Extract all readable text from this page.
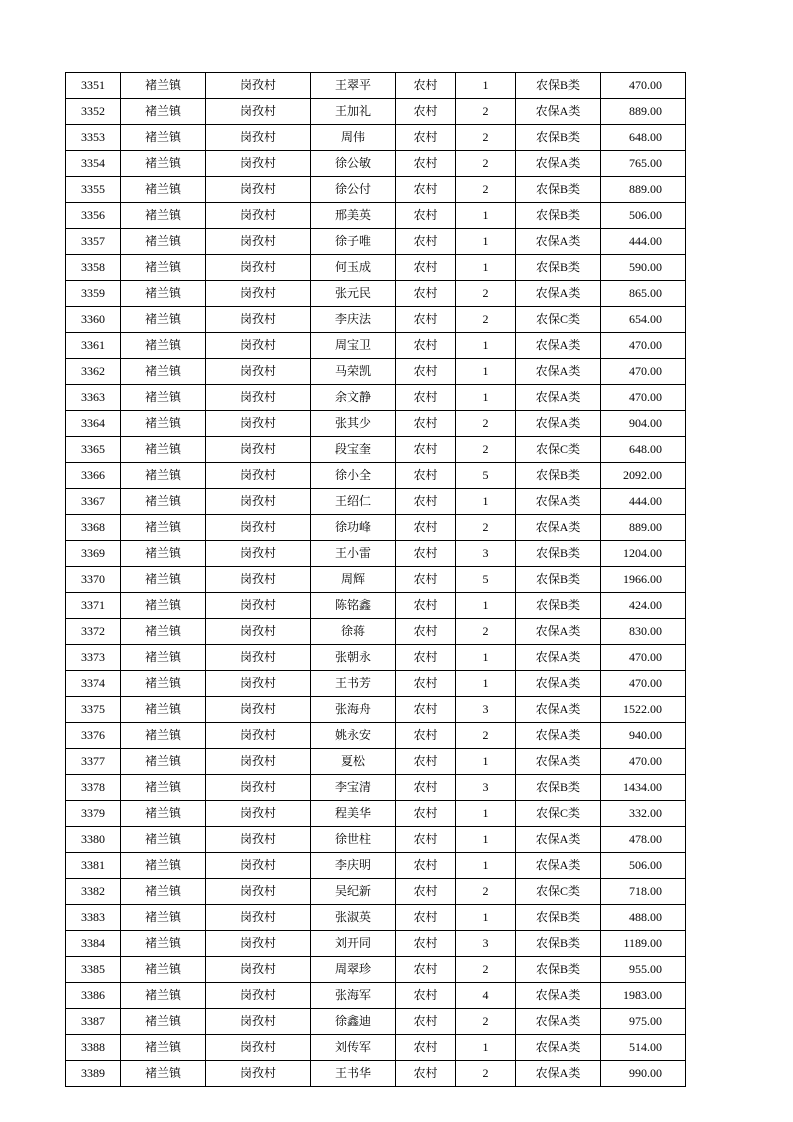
3351	褚兰镇	岗孜村	王翠平	农村	1	农保B类	470.00
3352	褚兰镇	岗孜村	王加礼	农村	2	农保A类	889.00
3353	褚兰镇	岗孜村	周伟	农村	2	农保B类	648.00
3354	褚兰镇	岗孜村	徐公敏	农村	2	农保A类	765.00
3355	褚兰镇	岗孜村	徐公付	农村	2	农保B类	889.00
3356	褚兰镇	岗孜村	邢美英	农村	1	农保B类	506.00
3357	褚兰镇	岗孜村	徐子唯	农村	1	农保A类	444.00
3358	褚兰镇	岗孜村	何玉成	农村	1	农保B类	590.00
3359	褚兰镇	岗孜村	张元民	农村	2	农保A类	865.00
3360	褚兰镇	岗孜村	李庆法	农村	2	农保C类	654.00
3361	褚兰镇	岗孜村	周宝卫	农村	1	农保A类	470.00
3362	褚兰镇	岗孜村	马荣凯	农村	1	农保A类	470.00
3363	褚兰镇	岗孜村	余文静	农村	1	农保A类	470.00
3364	褚兰镇	岗孜村	张其少	农村	2	农保A类	904.00
3365	褚兰镇	岗孜村	段宝奎	农村	2	农保C类	648.00
3366	褚兰镇	岗孜村	徐小全	农村	5	农保B类	2092.00
3367	褚兰镇	岗孜村	王绍仁	农村	1	农保A类	444.00
3368	褚兰镇	岗孜村	徐功峰	农村	2	农保A类	889.00
3369	褚兰镇	岗孜村	王小雷	农村	3	农保B类	1204.00
3370	褚兰镇	岗孜村	周辉	农村	5	农保B类	1966.00
3371	褚兰镇	岗孜村	陈铭鑫	农村	1	农保B类	424.00
3372	褚兰镇	岗孜村	徐蒋	农村	2	农保A类	830.00
3373	褚兰镇	岗孜村	张朝永	农村	1	农保A类	470.00
3374	褚兰镇	岗孜村	王书芳	农村	1	农保A类	470.00
3375	褚兰镇	岗孜村	张海舟	农村	3	农保A类	1522.00
3376	褚兰镇	岗孜村	姚永安	农村	2	农保A类	940.00
3377	褚兰镇	岗孜村	夏松	农村	1	农保A类	470.00
3378	褚兰镇	岗孜村	李宝清	农村	3	农保B类	1434.00
3379	褚兰镇	岗孜村	程美华	农村	1	农保C类	332.00
3380	褚兰镇	岗孜村	徐世柱	农村	1	农保A类	478.00
3381	褚兰镇	岗孜村	李庆明	农村	1	农保A类	506.00
3382	褚兰镇	岗孜村	吴纪新	农村	2	农保C类	718.00
3383	褚兰镇	岗孜村	张淑英	农村	1	农保B类	488.00
3384	褚兰镇	岗孜村	刘开同	农村	3	农保B类	1189.00
3385	褚兰镇	岗孜村	周翠珍	农村	2	农保B类	955.00
3386	褚兰镇	岗孜村	张海军	农村	4	农保A类	1983.00
3387	褚兰镇	岗孜村	徐鑫迪	农村	2	农保A类	975.00
3388	褚兰镇	岗孜村	刘传军	农村	1	农保A类	514.00
3389	褚兰镇	岗孜村	王书华	农村	2	农保A类	990.00
